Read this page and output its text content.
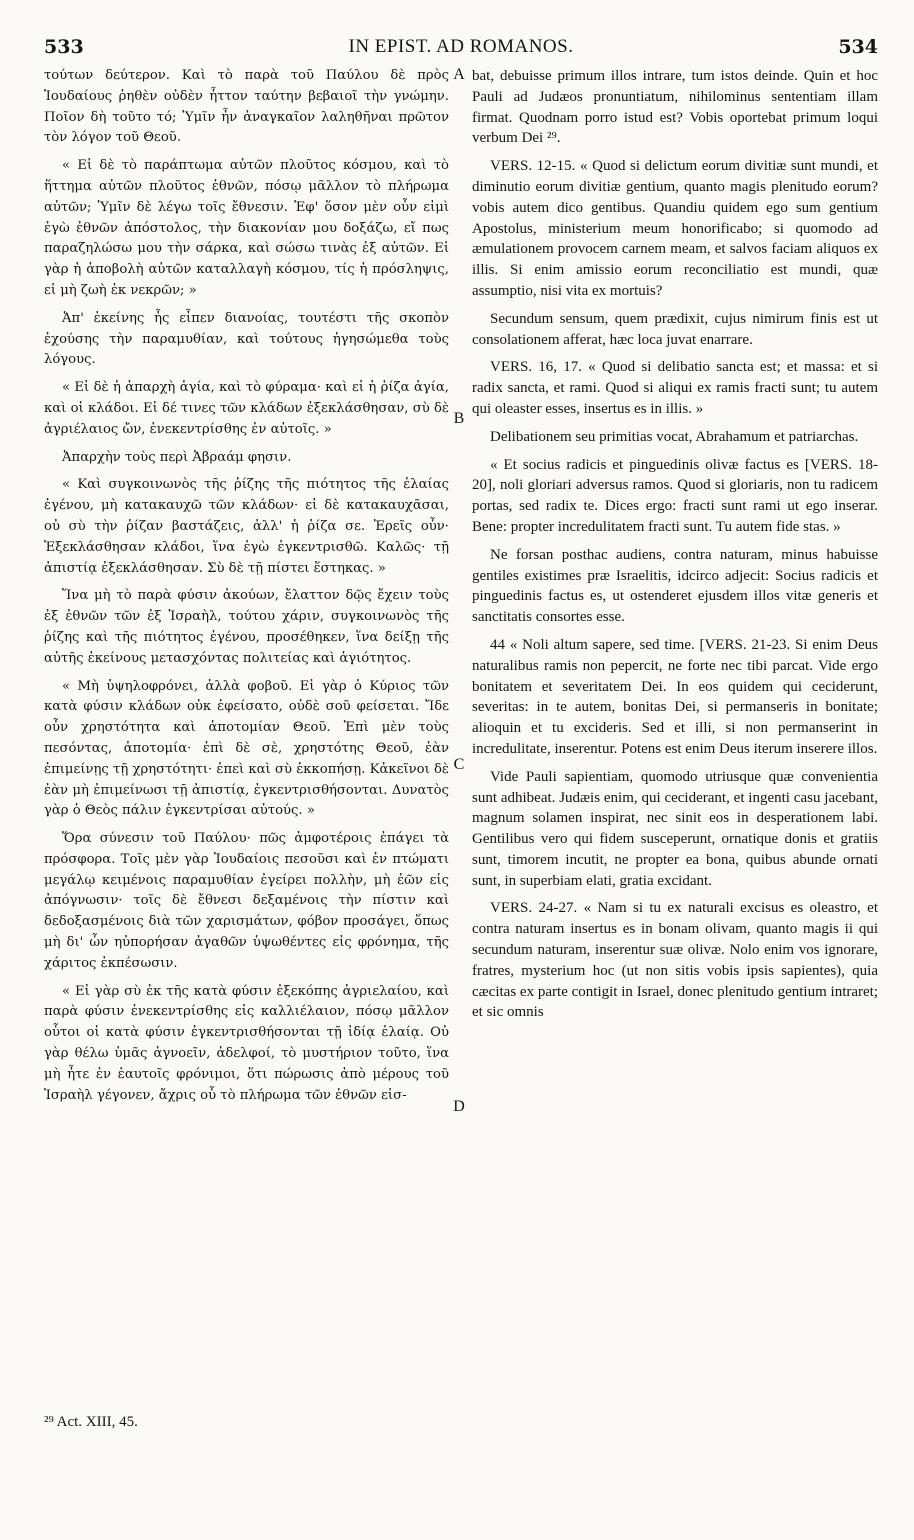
533	IN EPIST. AD ROMANOS.	534

τούτων δεύτερον. Καὶ τὸ παρὰ τοῦ Παύλου δὲ πρὸς Ἰουδαίους ῥηθὲν οὐδὲν ἧττον ταύτην βεβαιοῖ τὴν γνώμην. Ποῖον δὴ τοῦτο τό; Ὑμῖν ἦν ἀναγκαῖον λαληθῆναι πρῶτον τὸν λόγον τοῦ Θεοῦ.

« Εἰ δὲ τὸ παράπτωμα αὐτῶν πλοῦτος κόσμου, καὶ τὸ ἥττημα αὐτῶν πλοῦτος ἐθνῶν, πόσῳ μᾶλλον τὸ πλήρωμα αὐτῶν; Ὑμῖν δὲ λέγω τοῖς ἔθνεσιν. Ἐφ' ὅσον μὲν οὖν εἰμὶ ἐγὼ ἐθνῶν ἀπόστολος, τὴν διακονίαν μου δοξάζω, εἴ πως παραζηλώσω μου τὴν σάρκα, καὶ σώσω τινὰς ἐξ αὐτῶν. Εἰ γὰρ ἡ ἀποβολὴ αὐτῶν καταλλαγὴ κόσμου, τίς ἡ πρόσληψις, εἰ μὴ ζωὴ ἐκ νεκρῶν; »

Ἀπ' ἐκείνης ἧς εἶπεν διανοίας, τουτέστι τῆς σκοπὸν ἐχούσης τὴν παραμυθίαν, καὶ τούτους ἡγησώμεθα τοὺς λόγους.

« Εἰ δὲ ἡ ἀπαρχὴ ἁγία, καὶ τὸ φύραμα· καὶ εἰ ἡ ῥίζα ἁγία, καὶ οἱ κλάδοι. Εἰ δέ τινες τῶν κλάδων ἐξεκλάσθησαν, σὺ δὲ ἀγριέλαιος ὤν, ἐνεκεντρίσθης ἐν αὐτοῖς. »

Ἀπαρχὴν τοὺς περὶ Ἀβραάμ φησιν.

« Καὶ συγκοινωνὸς τῆς ῥίζης τῆς πιότητος τῆς ἐλαίας ἐγένου, μὴ κατακαυχῶ τῶν κλάδων· εἰ δὲ κατακαυχᾶσαι, οὐ σὺ τὴν ῥίζαν βαστάζεις, ἀλλ' ἡ ῥίζα σε. Ἐρεῖς οὖν· Ἐξεκλάσθησαν κλάδοι, ἵνα ἐγὼ ἐγκεντρισθῶ. Καλῶς· τῇ ἀπιστίᾳ ἐξεκλάσθησαν. Σὺ δὲ τῇ πίστει ἕστηκας. »

Ἵνα μὴ τὸ παρὰ φύσιν ἀκούων, ἔλαττον δῷς ἔχειν τοὺς ἐξ ἐθνῶν τῶν ἐξ Ἰσραὴλ, τούτου χάριν, συγκοινωνὸς τῆς ῥίζης καὶ τῆς πιότητος ἐγένου, προσέθηκεν, ἵνα δείξῃ τῆς αὐτῆς ἐκείνους μετασχόντας πολιτείας καὶ ἁγιότητος.

« Μὴ ὑψηλοφρόνει, ἀλλὰ φοβοῦ. Εἰ γὰρ ὁ Κύριος τῶν κατὰ φύσιν κλάδων οὐκ ἐφείσατο, οὐδὲ σοῦ φείσεται. Ἴδε οὖν χρηστότητα καὶ ἀποτομίαν Θεοῦ. Ἐπὶ μὲν τοὺς πεσόντας, ἀποτομία· ἐπὶ δὲ σὲ, χρηστότης Θεοῦ, ἐὰν ἐπιμείνῃς τῇ χρηστότητι· ἐπεὶ καὶ σὺ ἐκκοπήσῃ. Κἀκεῖνοι δὲ ἐὰν μὴ ἐπιμείνωσι τῇ ἀπιστίᾳ, ἐγκεντρισθήσονται. Δυνατὸς γὰρ ὁ Θεὸς πάλιν ἐγκεντρίσαι αὐτούς. »

Ὅρα σύνεσιν τοῦ Παύλου· πῶς ἀμφοτέροις ἐπάγει τὰ πρόσφορα. Τοῖς μὲν γὰρ Ἰουδαίοις πεσοῦσι καὶ ἐν πτώματι μεγάλῳ κειμένοις παραμυθίαν ἐγείρει πολλὴν, μὴ ἐῶν εἰς ἀπόγνωσιν· τοῖς δὲ ἔθνεσι δεξαμένοις τὴν πίστιν καὶ δεδοξασμένοις διὰ τῶν χαρισμάτων, φόβον προσάγει, ὅπως μὴ δι' ὧν ηὐπορήσαν ἀγαθῶν ὑψωθέντες εἰς φρόνημα, τῆς χάριτος ἐκπέσωσιν.

« Εἰ γὰρ σὺ ἐκ τῆς κατὰ φύσιν ἐξεκόπης ἀγριελαίου, καὶ παρὰ φύσιν ἐνεκεντρίσθης εἰς καλλιέλαιον, πόσῳ μᾶλλον οὗτοι οἱ κατὰ φύσιν ἐγκεντρισθήσονται τῇ ἰδίᾳ ἐλαίᾳ. Οὐ γὰρ θέλω ὑμᾶς ἀγνοεῖν, ἀδελφοί, τὸ μυστήριον τοῦτο, ἵνα μὴ ἦτε ἐν ἑαυτοῖς φρόνιμοι, ὅτι πώρωσις ἀπὸ μέρους τοῦ Ἰσραὴλ γέγονεν, ἄχρις οὗ τὸ πλήρωμα τῶν ἐθνῶν εἰσ-

A
B
C
D

bat, debuisse primum illos intrare, tum istos deinde. Quin et hoc Pauli ad Judæos pronuntiatum, nihilominus sententiam illam firmat. Quodnam porro istud est? Vobis oportebat primum loqui verbum Dei ²⁹.

VERS. 12-15. « Quod si delictum eorum divitiæ sunt mundi, et diminutio eorum divitiæ gentium, quanto magis plenitudo eorum? vobis autem dico gentibus. Quandiu quidem ego sum gentium Apostolus, ministerium meum honorificabo; si quomodo ad æmulationem provocem carnem meam, et salvos faciam aliquos ex illis. Si enim amissio eorum reconciliatio est mundi, quæ assumptio, nisi vita ex mortuis?

Secundum sensum, quem prædixit, cujus nimirum finis est ut consolationem afferat, hæc loca juvat enarrare.

VERS. 16, 17. « Quod si delibatio sancta est; et massa: et si radix sancta, et rami. Quod si aliqui ex ramis fracti sunt; tu autem qui oleaster esses, insertus es in illis. »

Delibationem seu primitias vocat, Abrahamum et patriarchas.

« Et socius radicis et pinguedinis olivæ factus es [VERS. 18-20], noli gloriari adversus ramos. Quod si gloriaris, non tu radicem portas, sed radix te. Dices ergo: fracti sunt rami ut ego inserar. Bene: propter incredulitatem fracti sunt. Tu autem fide stas. »

Ne forsan posthac audiens, contra naturam, minus habuisse gentiles existimes præ Israelitis, idcirco adjecit: Socius radicis et pinguedinis factus es, ut ostenderet ejusdem illos vitæ generis et sanctitatis consortes esse.

44 « Noli altum sapere, sed time. [VERS. 21-23. Si enim Deus naturalibus ramis non pepercit, ne forte nec tibi parcat. Vide ergo bonitatem et severitatem Dei. In eos quidem qui ceciderunt, severitas: in te autem, bonitas Dei, si permanseris in bonitate; alioquin et tu excideris. Sed et illi, si non permanserint in incredulitate, inserentur. Potens est enim Deus iterum inserere illos.

Vide Pauli sapientiam, quomodo utriusque quæ convenientia sunt adhibeat. Judæis enim, qui ceciderant, et ingenti casu jacebant, magnum solamen inspirat, nec sinit eos in desperationem labi. Gentilibus vero qui fidem susceperunt, ornatique donis et gratiis sunt, timorem incutit, ne propter ea bona, quibus abunde ornati sunt, in superbiam elati, gratia excidant.

VERS. 24-27. « Nam si tu ex naturali excisus es oleastro, et contra naturam insertus es in bonam olivam, quanto magis ii qui secundum naturam, inserentur suæ olivæ. Nolo enim vos ignorare, fratres, mysterium hoc (ut non sitis vobis ipsis sapientes), quia cæcitas ex parte contigit in Israel, donec plenitudo gentium intraret; et sic omnis

²⁹ Act. XIII, 45.
